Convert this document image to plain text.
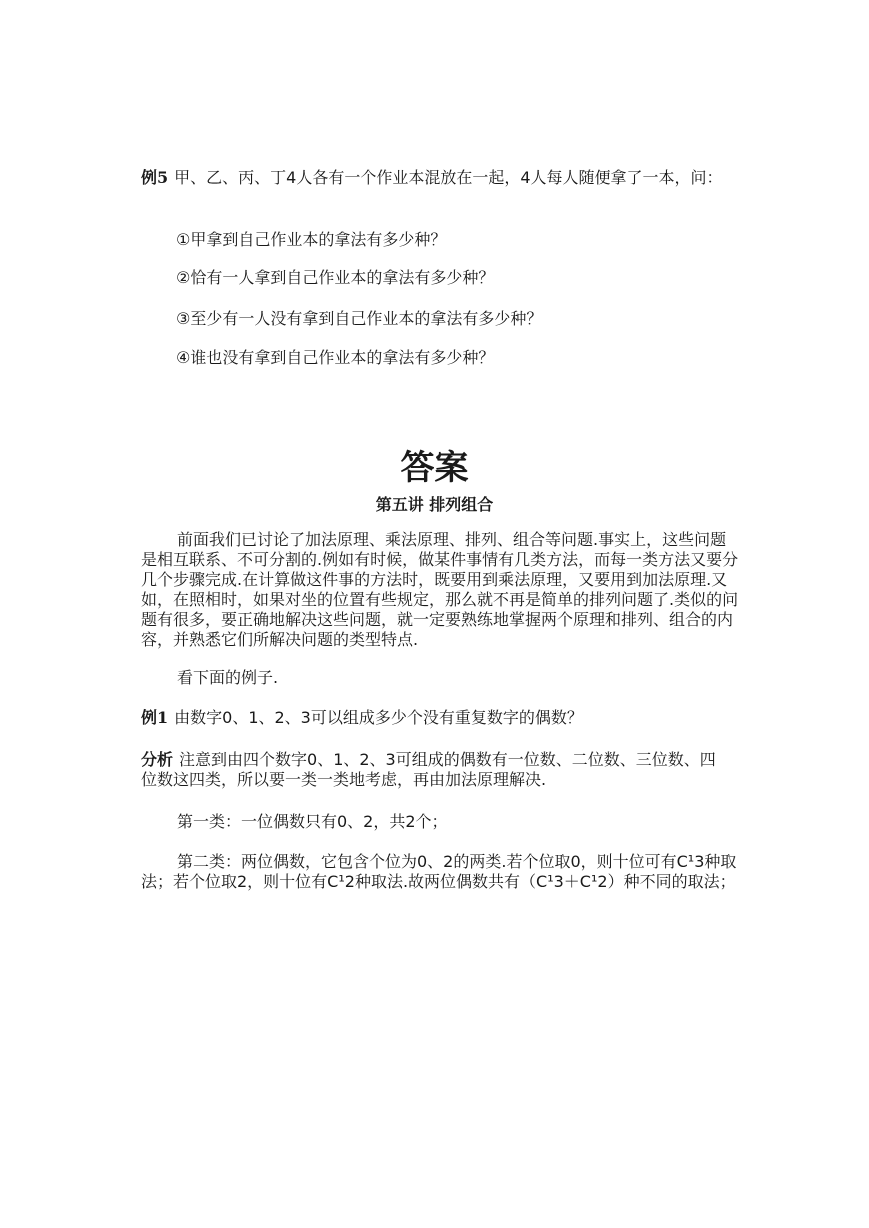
例5 甲、乙、丙、丁4人各有一个作业本混放在一起，4人每人随便拿了一本，问：

①甲拿到自己作业本的拿法有多少种？

②恰有一人拿到自己作业本的拿法有多少种？

③至少有一人没有拿到自己作业本的拿法有多少种？

④谁也没有拿到自己作业本的拿法有多少种？

答案
第五讲 排列组合

前面我们已讨论了加法原理、乘法原理、排列、组合等问题.事实上，这些问题是相互联系、不可分割的.例如有时候，做某件事情有几类方法，而每一类方法又要分几个步骤完成.在计算做这件事的方法时，既要用到乘法原理，又要用到加法原理.又如，在照相时，如果对坐的位置有些规定，那么就不再是简单的排列问题了.类似的问题有很多，要正确地解决这些问题，就一定要熟练地掌握两个原理和排列、组合的内容，并熟悉它们所解决问题的类型特点.

看下面的例子.

例1 由数字0、1、2、3可以组成多少个没有重复数字的偶数？

分析 注意到由四个数字0、1、2、3可组成的偶数有一位数、二位数、三位数、四位数这四类，所以要一类一类地考虑，再由加法原理解决.

第一类：一位偶数只有0、2，共2个；

第二类：两位偶数，它包含个位为0、2的两类.若个位取0，则十位可有C¹3种取法；若个位取2，则十位有C¹2种取法.故两位偶数共有（C¹3＋C¹2）种不同的取法；
